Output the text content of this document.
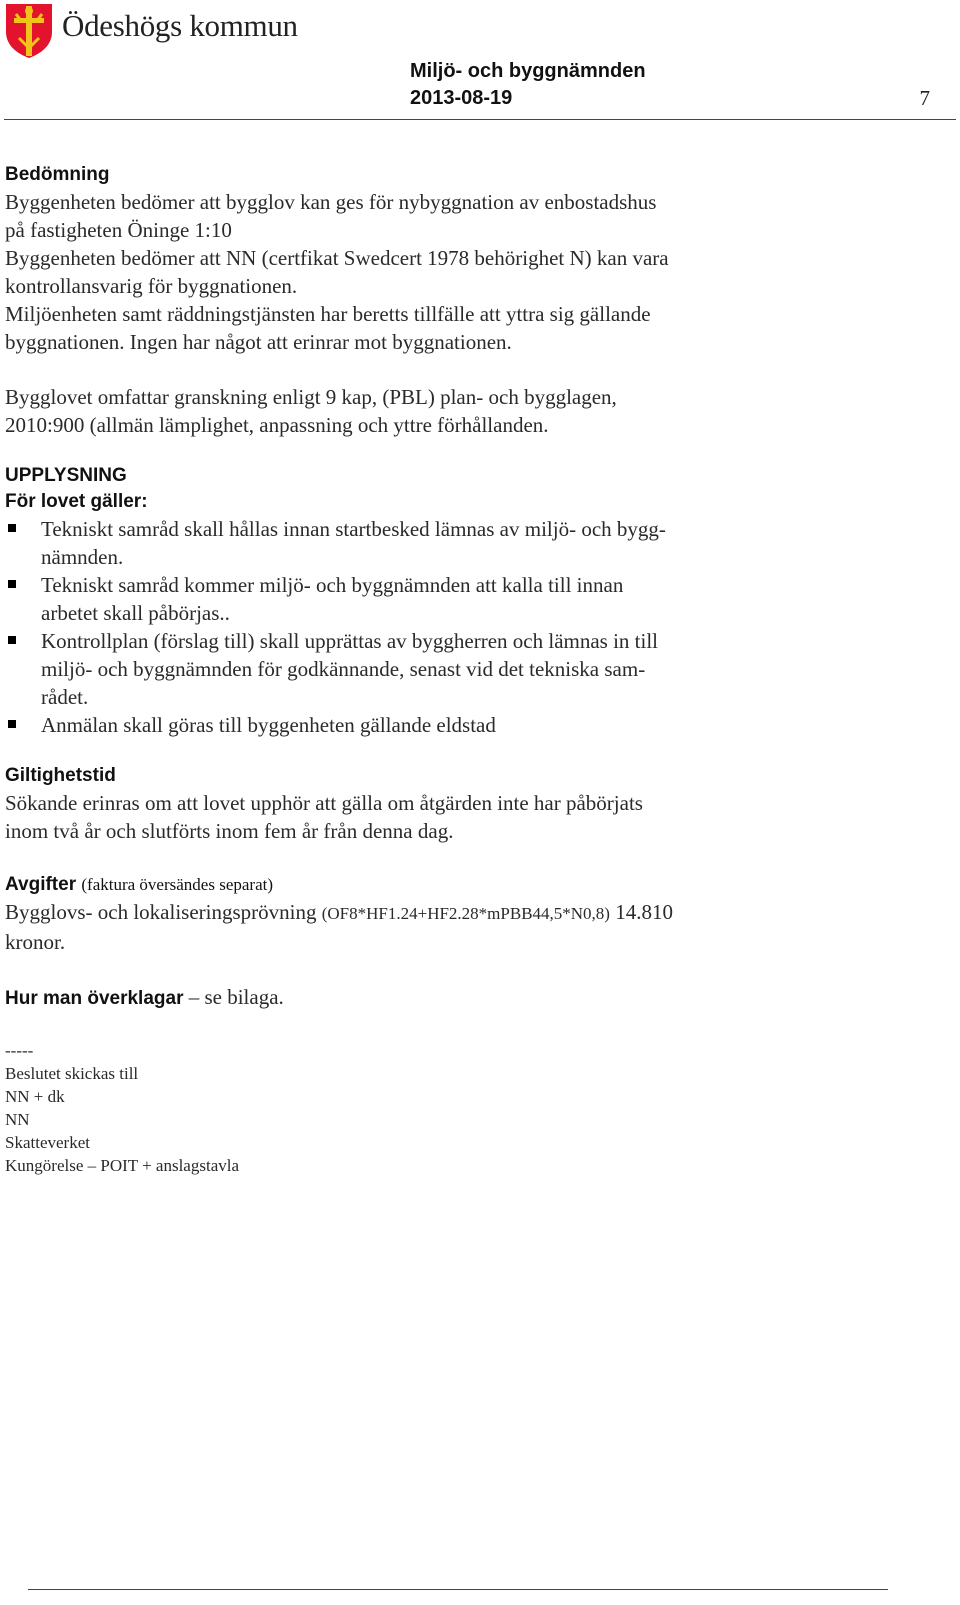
Ödeshögs kommun
Miljö- och byggnämnden
2013-08-19	7

Bedömning

Byggenheten bedömer att bygglov kan ges för nybyggnation av enbostadshus

på fastigheten Öninge 1:10

Byggenheten bedömer att NN (certfikat Swedcert 1978 behörighet N) kan vara

kontrollansvarig för byggnationen.

Miljöenheten samt räddningstjänsten har beretts tillfälle att yttra sig gällande

byggnationen. Ingen har något att erinrar mot byggnationen.

Bygglovet omfattar granskning enligt 9 kap, (PBL) plan- och bygglagen,

2010:900 (allmän lämplighet, anpassning och yttre förhållanden.

UPPLYSNING

För lovet gäller:

Tekniskt samråd skall hållas innan startbesked lämnas av miljö- och bygg-
nämnden.
Tekniskt samråd kommer miljö- och byggnämnden att kalla till innan
arbetet skall påbörjas..
Kontrollplan (förslag till) skall upprättas av byggherren och lämnas in till
miljö- och byggnämnden för godkännande, senast vid det tekniska sam-
rådet.
Anmälan skall göras till byggenheten gällande eldstad

Giltighetstid

Sökande erinras om att lovet upphör att gälla om åtgärden inte har påbörjats

inom två år och slutförts inom fem år från denna dag.

Avgifter (faktura översändes separat)

Bygglovs- och lokaliseringsprövning (OF8*HF1.24+HF2.28*mPBB44,5*N0,8) 14.810

kronor.

Hur man överklagar – se bilaga.

-----

Beslutet skickas till

NN + dk

NN

Skatteverket

Kungörelse – POIT + anslagstavla
